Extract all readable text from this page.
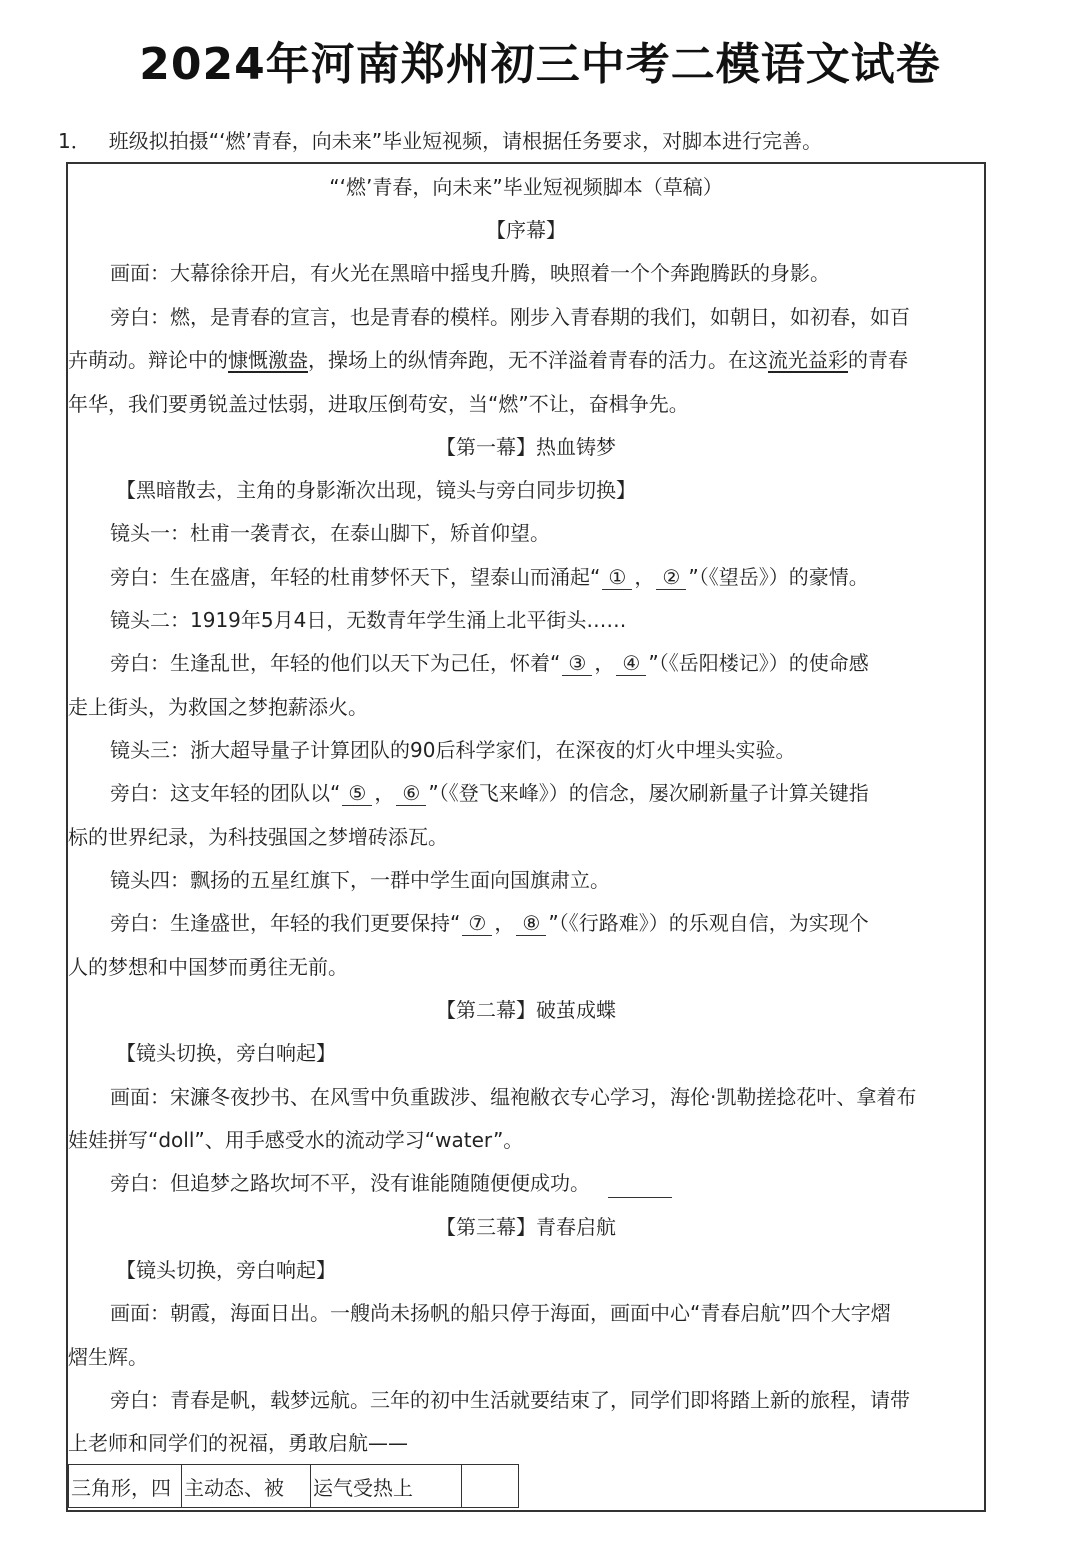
2024年河南郑州初三中考二模语文试卷
1． 班级拟拍摄“‘燃’青春，向未来”毕业短视频，请根据任务要求，对脚本进行完善。
“‘燃’青春，向未来”毕业短视频脚本（草稿）
【序幕】
画面：大幕徐徐开启，有火光在黑暗中摇曳升腾，映照着一个个奔跑腾跃的身影。
旁白：燃，是青春的宣言，也是青春的模样。刚步入青春期的我们，如朝日，如初春，如百
卉萌动。辩论中的慷慨激盎，操场上的纵情奔跑，无不洋溢着青春的活力。在这流光益彩的青春
年华，我们要勇锐盖过怯弱，进取压倒苟安，当“燃”不让，奋楫争先。
【第一幕】热血铸梦
【黑暗散去，主角的身影渐次出现，镜头与旁白同步切换】
镜头一：杜甫一袭青衣，在泰山脚下，矫首仰望。
旁白：生在盛唐，年轻的杜甫梦怀天下，望泰山而涌起“ ① ， ② ”（《望岳》）的豪情。
镜头二：1919年5月4日，无数青年学生涌上北平街头……
旁白：生逢乱世，年轻的他们以天下为己任，怀着“ ③ ， ④ ”（《岳阳楼记》）的使命感
走上街头，为救国之梦抱薪添火。
镜头三：浙大超导量子计算团队的90后科学家们，在深夜的灯火中埋头实验。
旁白：这支年轻的团队以“ ⑤ ， ⑥ ”（《登飞来峰》）的信念，屡次刷新量子计算关键指
标的世界纪录，为科技强国之梦增砖添瓦。
镜头四：飘扬的五星红旗下，一群中学生面向国旗肃立。
旁白：生逢盛世，年轻的我们更要保持“ ⑦ ， ⑧ ”（《行路难》）的乐观自信，为实现个
人的梦想和中国梦而勇往无前。
【第二幕】破茧成蝶
【镜头切换，旁白响起】
画面：宋濂冬夜抄书、在风雪中负重跋涉、缊袍敝衣专心学习，海伦·凯勒搓捻花叶、拿着布
娃娃拼写“doll”、用手感受水的流动学习“water”。
旁白：但追梦之路坎坷不平，没有谁能随随便便成功。
【第三幕】青春启航
【镜头切换，旁白响起】
画面：朝霞，海面日出。一艘尚未扬帆的船只停于海面，画面中心“青春启航”四个大字熠
熠生辉。
旁白：青春是帆，载梦远航。三年的初中生活就要结束了，同学们即将踏上新的旅程，请带
上老师和同学们的祝福，勇敢启航——
三角形，四	主动态、被	运气受热上	
